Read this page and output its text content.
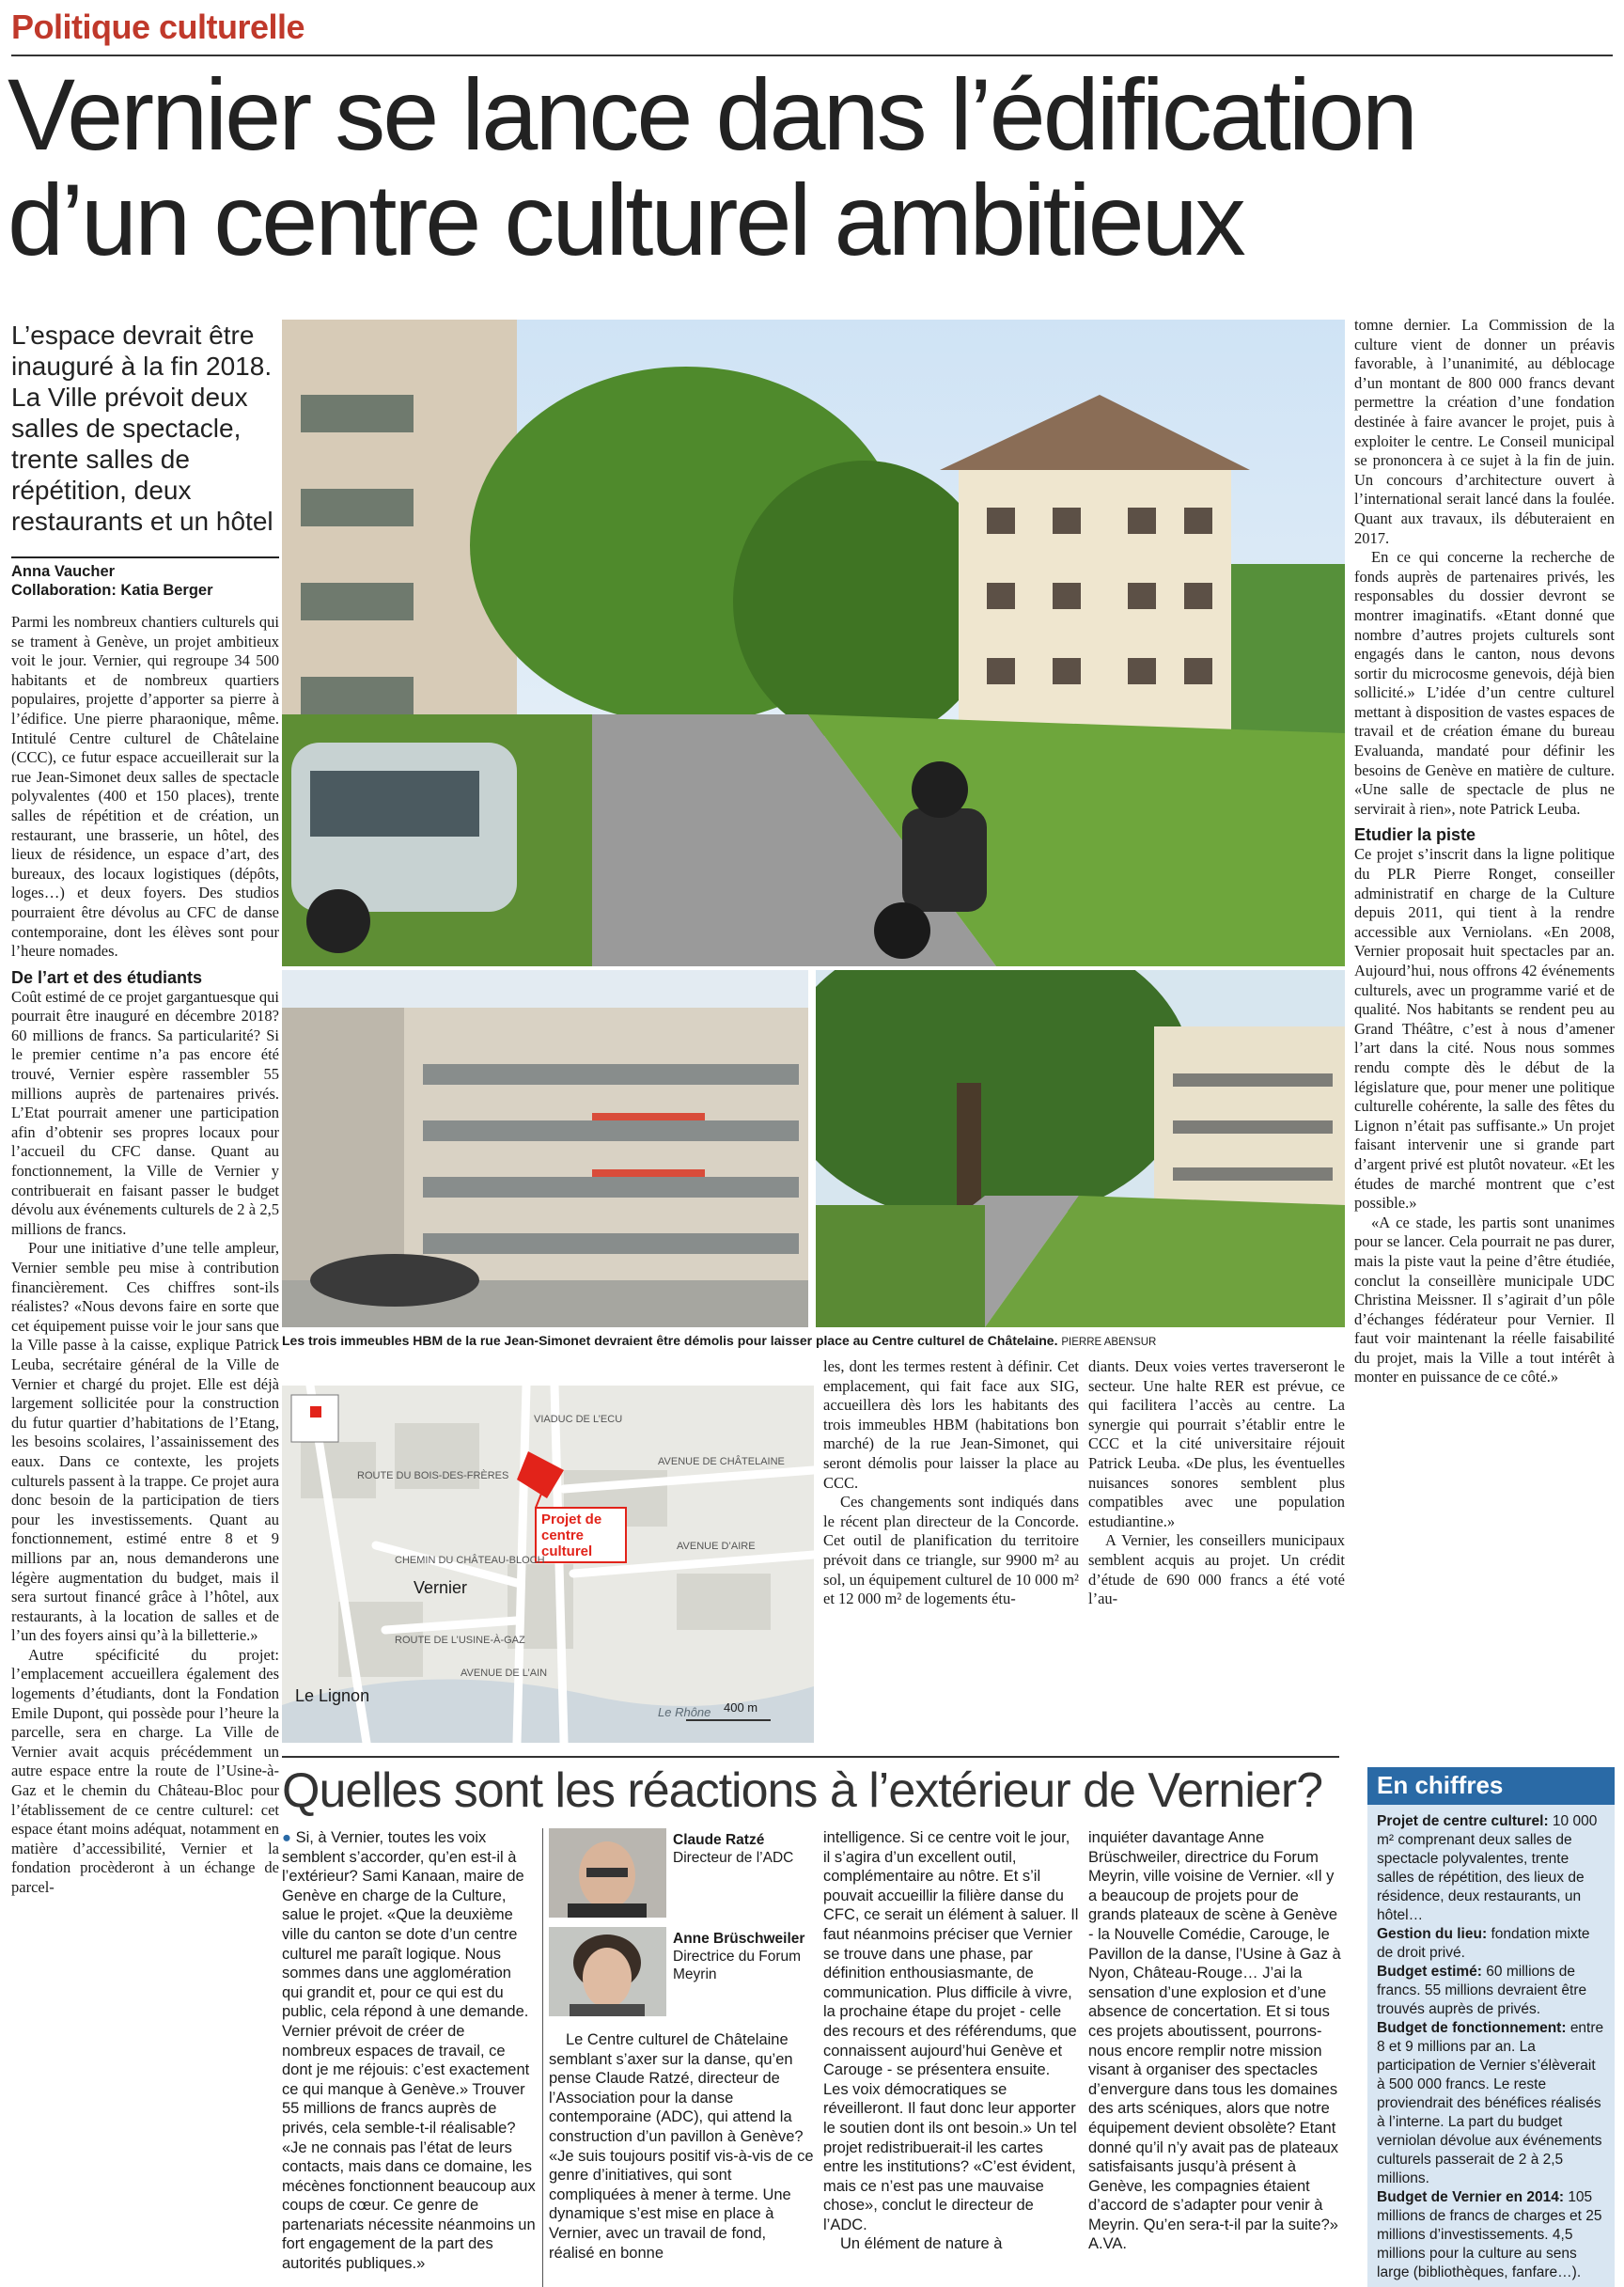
Politique culturelle
Vernier se lance dans l’édification
d’un centre culturel ambitieux
L’espace devrait être inauguré à la fin 2018. La Ville prévoit deux salles de spectacle, trente salles de répétition, deux restaurants et un hôtel
Anna Vaucher
Collaboration: Katia Berger

Parmi les nombreux chantiers culturels qui se trament à Genève, un projet ambitieux voit le jour. Vernier, qui regroupe 34 500 habitants et de nombreux quartiers populaires, projette d’apporter sa pierre à l’édifice. Une pierre pharaonique, même. Intitulé Centre culturel de Châtelaine (CCC), ce futur espace accueillerait sur la rue Jean-Simonet deux salles de spectacle polyvalentes (400 et 150 places), trente salles de répétition et de création, un restaurant, une brasserie, un hôtel, des lieux de résidence, un espace d’art, des bureaux, des locaux logistiques (dépôts, loges…) et deux foyers. Des studios pourraient être dévolus au CFC de danse contemporaine, dont les élèves sont pour l’heure nomades.

De l’art et des étudiants

Coût estimé de ce projet gargantuesque qui pourrait être inauguré en décembre 2018? 60 millions de francs. Sa particularité? Si le premier centime n’a pas encore été trouvé, Vernier espère rassembler 55 millions auprès de partenaires privés. L’Etat pourrait amener une participation afin d’obtenir ses propres locaux pour l’accueil du CFC danse. Quant au fonctionnement, la Ville de Vernier y contribuerait en faisant passer le budget dévolu aux événements culturels de 2 à 2,5 millions de francs.

Pour une initiative d’une telle ampleur, Vernier semble peu mise à contribution financièrement. Ces chiffres sont-ils réalistes? «Nous devons faire en sorte que cet équipement puisse voir le jour sans que la Ville passe à la caisse, explique Patrick Leuba, secrétaire général de la Ville de Vernier et chargé du projet. Elle est déjà largement sollicitée pour la construction du futur quartier d’habitations de l’Etang, les besoins scolaires, l’assainissement des eaux. Dans ce contexte, les projets culturels passent à la trappe. Ce projet aura donc besoin de la participation de tiers pour les investissements. Quant au fonctionnement, estimé entre 8 et 9 millions par an, nous demanderons une légère augmentation du budget, mais il sera surtout financé grâce à l’hôtel, aux restaurants, à la location de salles et de l’un des foyers ainsi qu’à la billetterie.»

Autre spécificité du projet: l’emplacement accueillera également des logements d’étudiants, dont la Fondation Emile Dupont, qui possède pour l’heure la parcelle, sera en charge. La Ville de Vernier avait acquis précédemment un autre espace entre la route de l’Usine-à-Gaz et le chemin du Château-Bloc pour l’établissement de ce centre culturel: cet espace étant moins adéquat, notamment en matière d’accessibilité, Vernier et la fondation procèderont à un échange de parcel-

Les trois immeubles HBM de la rue Jean-Simonet devraient être démolis pour laisser place au Centre culturel de Châtelaine. PIERRE ABENSUR
Vernier
Le Lignon
Projet de centre culturel
400 m
Le Rhône
ROUTE DU BOIS-DES-FRÈRES
CHEMIN DU CHÂTEAU-BLOCH
ROUTE DE L’USINE-À-GAZ
AVENUE DE L’AIN
VIADUC DE L’ECU
AVENUE DE CHÂTELAINE
AVENUE D’AIRE

les, dont les termes restent à définir. Cet emplacement, qui fait face aux SIG, accueillera dès lors les habitants des trois immeubles HBM (habitations bon marché) de la rue Jean-Simonet, qui seront démolis pour laisser la place au CCC.

Ces changements sont indiqués dans le récent plan directeur de la Concorde. Cet outil de planification du territoire prévoit dans ce triangle, sur 9900 m² au sol, un équipement culturel de 10 000 m² et 12 000 m² de logements étu-

diants. Deux voies vertes traverseront le secteur. Une halte RER est prévue, ce qui facilitera l’accès au centre. La synergie qui pourrait s’établir entre le CCC et la cité universitaire réjouit Patrick Leuba. «De plus, les éventuelles nuisances sonores semblent plus compatibles avec une population estudiantine.»

A Vernier, les conseillers municipaux semblent acquis au projet. Un crédit d’étude de 690 000 francs a été voté l’au-

tomne dernier. La Commission de la culture vient de donner un préavis favorable, à l’unanimité, au déblocage d’un montant de 800 000 francs devant permettre la création d’une fondation destinée à faire avancer le projet, puis à exploiter le centre. Le Conseil municipal se prononcera à ce sujet à la fin de juin. Un concours d’architecture ouvert à l’international serait lancé dans la foulée. Quant aux travaux, ils débuteraient en 2017.

En ce qui concerne la recherche de fonds auprès de partenaires privés, les responsables du dossier devront se montrer imaginatifs. «Etant donné que nombre d’autres projets culturels sont engagés dans le canton, nous devons sortir du microcosme genevois, déjà bien sollicité.» L’idée d’un centre culturel mettant à disposition de vastes espaces de travail et de création émane du bureau Evaluanda, mandaté pour définir les besoins de Genève en matière de culture. «Une salle de spectacle de plus ne servirait à rien», note Patrick Leuba.

Etudier la piste

Ce projet s’inscrit dans la ligne politique du PLR Pierre Ronget, conseiller administratif en charge de la Culture depuis 2011, qui tient à la rendre accessible aux Verniolans. «En 2008, Vernier proposait huit spectacles par an. Aujourd’hui, nous offrons 42 événements culturels, avec un programme varié et de qualité. Nos habitants se rendent peu au Grand Théâtre, c’est à nous d’amener l’art dans la cité. Nous nous sommes rendu compte dès le début de la législature que, pour mener une politique culturelle cohérente, la salle des fêtes du Lignon n’était pas suffisante.» Un projet faisant intervenir une si grande part d’argent privé est plutôt novateur. «Et les études de marché montrent que c’est possible.»

«A ce stade, les partis sont unanimes pour se lancer. Cela pourrait ne pas durer, mais la piste vaut la peine d’être étudiée, conclut la conseillère municipale UDC Christina Meissner. Il s’agirait d’un pôle d’échanges fédérateur pour Vernier. Il faut voir maintenant la réelle faisabilité du projet, mais la Ville a tout intérêt à monter en puissance de ce côté.»

Quelles sont les réactions à l’extérieur de Vernier?
● Si, à Vernier, toutes les voix semblent s’accorder, qu’en est-il à l’extérieur? Sami Kanaan, maire de Genève en charge de la Culture, salue le projet. «Que la deuxième ville du canton se dote d’un centre culturel me paraît logique. Nous sommes dans une agglomération qui grandit et, pour ce qui est du public, cela répond à une demande. Vernier prévoit de créer de nombreux espaces de travail, ce dont je me réjouis: c’est exactement ce qui manque à Genève.» Trouver 55 millions de francs auprès de privés, cela semble-t-il réalisable? «Je ne connais pas l’état de leurs contacts, mais dans ce domaine, les mécènes fonctionnent beaucoup aux coups de cœur. Ce genre de partenariats nécessite néanmoins un fort engagement de la part des autorités publiques.»
Claude Ratzé
Directeur de l’ADC
Anne Brüschweiler
Directrice du Forum Meyrin
Le Centre culturel de Châtelaine semblant s’axer sur la danse, qu’en pense Claude Ratzé, directeur de l’Association pour la danse contemporaine (ADC), qui attend la construction d’un pavillon à Genève? «Je suis toujours positif vis-à-vis de ce genre d’initiatives, qui sont compliquées à mener à terme. Une dynamique s’est mise en place à Vernier, avec un travail de fond, réalisé en bonne
intelligence. Si ce centre voit le jour, il s’agira d’un excellent outil, complémentaire au nôtre. Et s’il pouvait accueillir la filière danse du CFC, ce serait un élément à saluer. Il faut néanmoins préciser que Vernier se trouve dans une phase, par définition enthousiasmante, de communication. Plus difficile à vivre, la prochaine étape du projet - celle des recours et des référendums, que connaissent aujourd’hui Genève et Carouge - se présentera ensuite. Les voix démocratiques se réveilleront. Il faut donc leur apporter le soutien dont ils ont besoin.» Un tel projet redistribuerait-il les cartes entre les institutions? «C’est évident, mais ce n’est pas une mauvaise chose», conclut le directeur de l’ADC.
Un élément de nature à
inquiéter davantage Anne Brüschweiler, directrice du Forum Meyrin, ville voisine de Vernier. «Il y a beaucoup de projets pour de grands plateaux de scène à Genève - la Nouvelle Comédie, Carouge, le Pavillon de la danse, l’Usine à Gaz à Nyon, Château-Rouge… J’ai la sensation d’une explosion et d’une absence de concertation. Et si tous ces projets aboutissent, pourrons-nous encore remplir notre mission visant à organiser des spectacles d’envergure dans tous les domaines des arts scéniques, alors que notre équipement devient obsolète? Etant donné qu’il n’y avait pas de plateaux satisfaisants jusqu’à présent à Genève, les compagnies étaient d’accord de s’adapter pour venir à Meyrin. Qu’en sera-t-il par la suite?» A.VA.
En chiffres
Projet de centre culturel: 10 000 m² comprenant deux salles de spectacle polyvalentes, trente salles de répétition, des lieux de résidence, deux restaurants, un hôtel…
Gestion du lieu: fondation mixte de droit privé.
Budget estimé: 60 millions de francs. 55 millions devraient être trouvés auprès de privés.
Budget de fonctionnement: entre 8 et 9 millions par an. La participation de Vernier s’élèverait à 500 000 francs. Le reste proviendrait des bénéfices réalisés à l’interne. La part du budget verniolan dévolue aux événements culturels passerait de 2 à 2,5 millions.
Budget de Vernier en 2014: 105 millions de francs de charges et 25 millions d’investissements. 4,5 millions pour la culture au sens large (bibliothèques, fanfare…).
